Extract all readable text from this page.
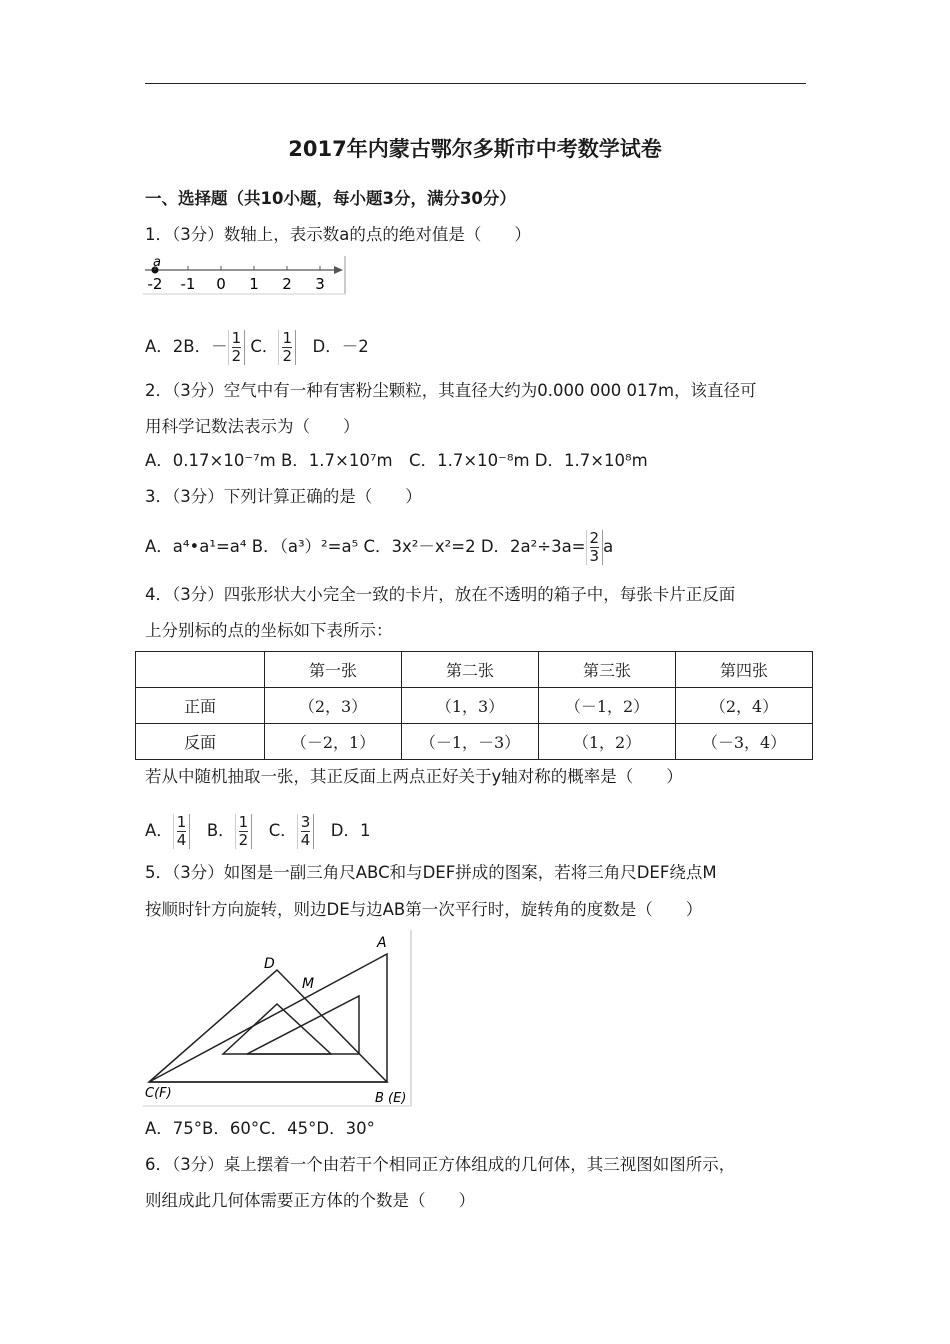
2017年内蒙古鄂尔多斯市中考数学试卷
一、选择题（共10小题，每小题3分，满分30分）
1．（3分）数轴上，表示数a的点的绝对值是（　　）
a
-2 -1 0 1 2 3
A．2B．－ $\frac{1}{2}$ C． $\frac{1}{2}$ 　D．－2
2．（3分）空气中有一种有害粉尘颗粒，其直径大约为0.000 000 017m，该直径可
用科学记数法表示为（　　）
A．0.17×10⁻⁷m B．1.7×10⁷m　C．1.7×10⁻⁸m D．1.7×10⁸m
3．（3分）下列计算正确的是（　　）
A．a⁴•a¹=a⁴ B．（a³）²=a⁵ C．3x²－x²=2 D．$2a^2\div 3a= \frac{2}{3}$ a
4．（3分）四张形状大小完全一致的卡片，放在不透明的箱子中，每张卡片正反面
上分别标的点的坐标如下表所示：
	第一张	第二张	第三张	第四张
正面	（2，3）	（1，3）	（－1，2）	（2，4）
反面	（－2，1）	（－1，－3）	（1，2）	（－3，4）
若从中随机抽取一张，其正反面上两点正好关于y轴对称的概率是（　　）
A． $\frac{1}{4}$ 　B． $\frac{1}{2}$ 　C． $\frac{3}{4}$ 　D．1
5．（3分）如图是一副三角尺ABC和与DEF拼成的图案，若将三角尺DEF绕点M
按顺时针方向旋转，则边DE与边AB第一次平行时，旋转角的度数是（　　）
A
D
M
C(F)	B (E)
A．75°B．60°C．45°D．30°
6．（3分）桌上摆着一个由若干个相同正方体组成的几何体，其三视图如图所示，
则组成此几何体需要正方体的个数是（　　）
